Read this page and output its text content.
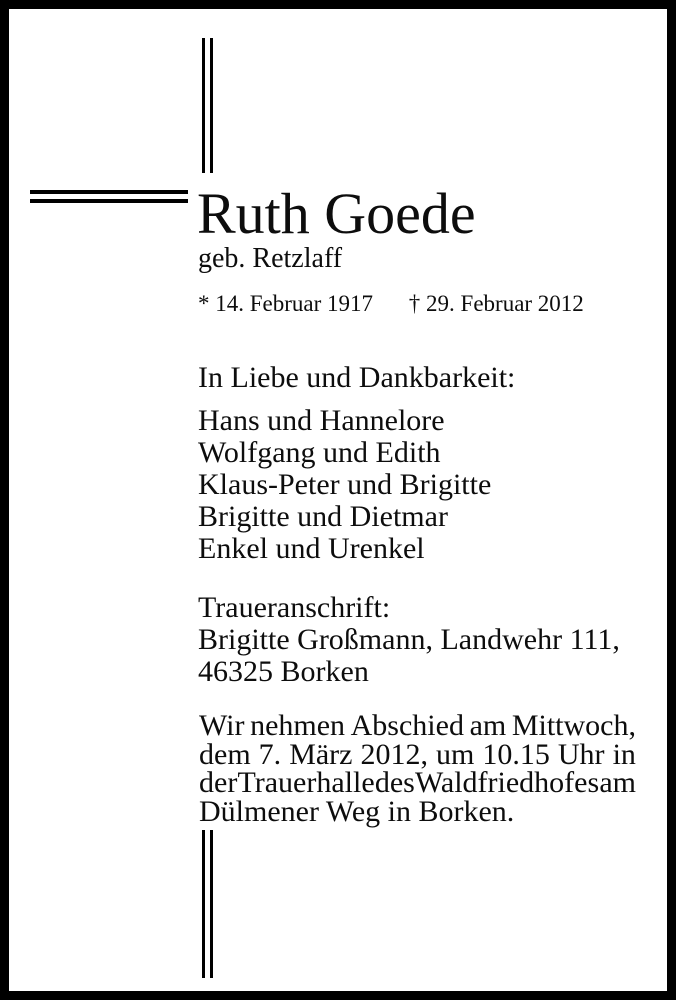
Ruth Goede
geb. Retzlaff
* 14. Februar 1917 † 29. Februar 2012
In Liebe und Dankbarkeit:
Hans und Hannelore
Wolfgang und Edith
Klaus-Peter und Brigitte
Brigitte und Dietmar
Enkel und Urenkel
Traueranschrift:
Brigitte Großmann, Landwehr 111,
46325 Borken
Wir nehmen Abschied am Mittwoch,
dem 7. März 2012, um 10.15 Uhr in
der Trauerhalle des Waldfriedhofes am
Dülmener Weg in Borken.
